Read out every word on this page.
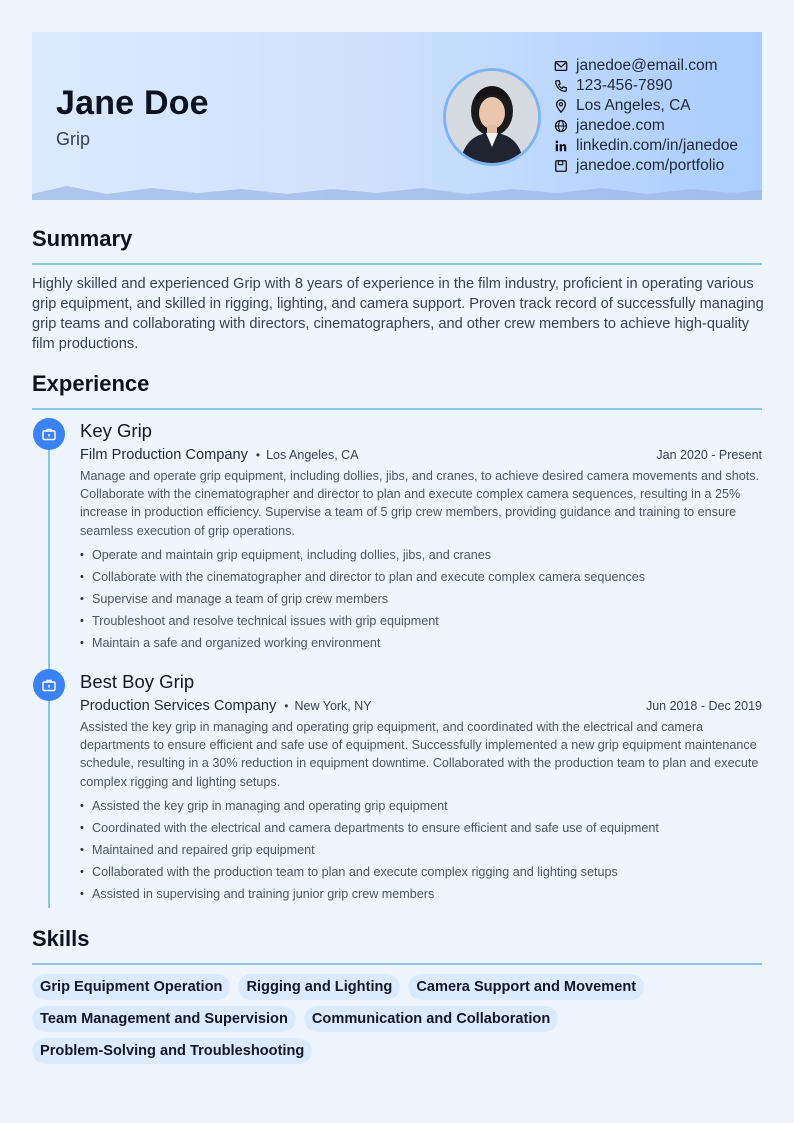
Jane Doe
Grip
janedoe@email.com
123-456-7890
Los Angeles, CA
janedoe.com
linkedin.com/in/janedoe
janedoe.com/portfolio
Summary
Highly skilled and experienced Grip with 8 years of experience in the film industry, proficient in operating various grip equipment, and skilled in rigging, lighting, and camera support. Proven track record of successfully managing grip teams and collaborating with directors, cinematographers, and other crew members to achieve high-quality film productions.
Experience
Key Grip
Film Production Company • Los Angeles, CA	Jan 2020 - Present
Manage and operate grip equipment, including dollies, jibs, and cranes, to achieve desired camera movements and shots. Collaborate with the cinematographer and director to plan and execute complex camera sequences, resulting in a 25% increase in production efficiency. Supervise a team of 5 grip crew members, providing guidance and training to ensure seamless execution of grip operations.
• Operate and maintain grip equipment, including dollies, jibs, and cranes
• Collaborate with the cinematographer and director to plan and execute complex camera sequences
• Supervise and manage a team of grip crew members
• Troubleshoot and resolve technical issues with grip equipment
• Maintain a safe and organized working environment
Best Boy Grip
Production Services Company • New York, NY	Jun 2018 - Dec 2019
Assisted the key grip in managing and operating grip equipment, and coordinated with the electrical and camera departments to ensure efficient and safe use of equipment. Successfully implemented a new grip equipment maintenance schedule, resulting in a 30% reduction in equipment downtime. Collaborated with the production team to plan and execute complex rigging and lighting setups.
• Assisted the key grip in managing and operating grip equipment
• Coordinated with the electrical and camera departments to ensure efficient and safe use of equipment
• Maintained and repaired grip equipment
• Collaborated with the production team to plan and execute complex rigging and lighting setups
• Assisted in supervising and training junior grip crew members
Skills
Grip Equipment Operation	Rigging and Lighting	Camera Support and Movement
Team Management and Supervision	Communication and Collaboration
Problem-Solving and Troubleshooting
